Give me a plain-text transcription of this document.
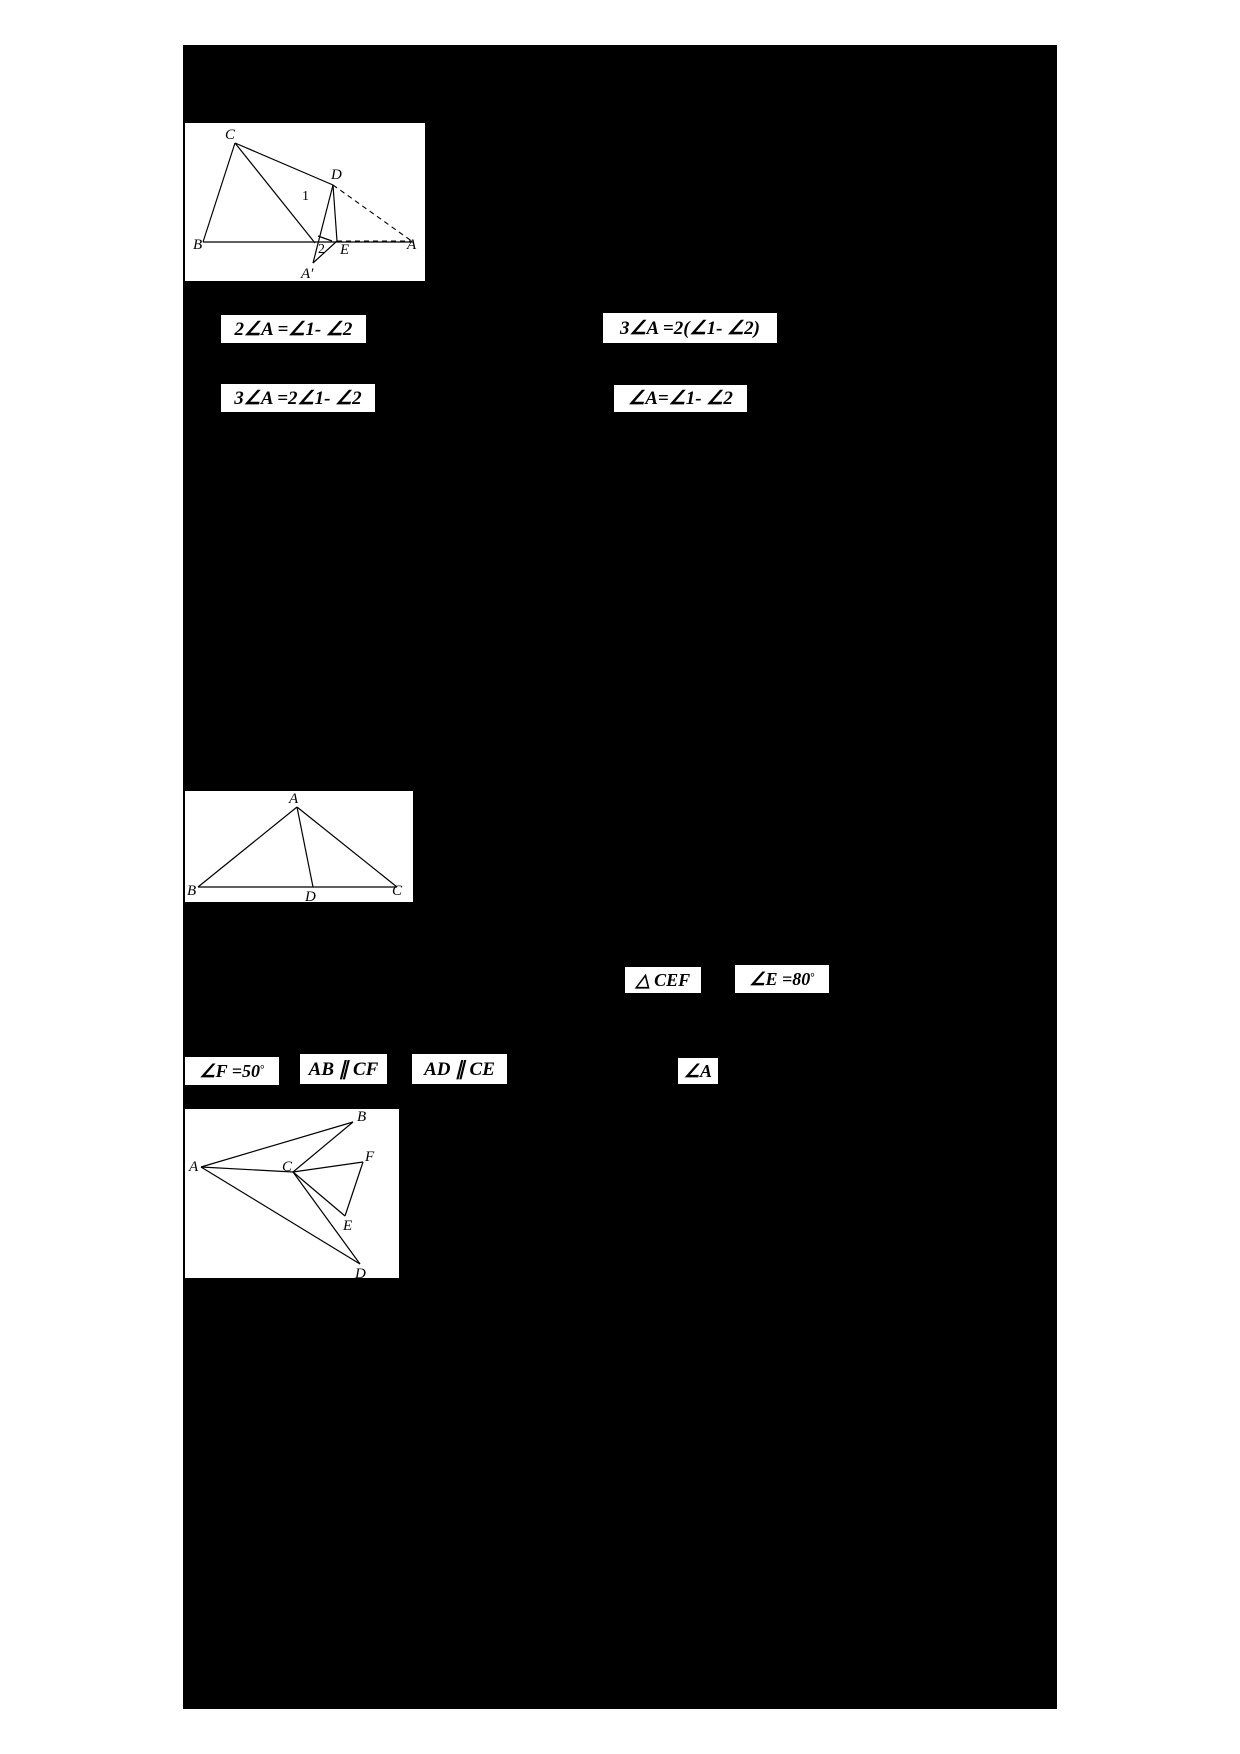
C
D
1
B	2 E	A
A′
2∠A =∠1- ∠2	3∠A =2(∠1- ∠2)
3∠A =2∠1- ∠2	∠A=∠1- ∠2
A
B	D	C
△ CEF	∠E =80 °
∠F =50 °	AB ∥ CF	AD ∥ CE	∠A
A
B
C
F
E
D
